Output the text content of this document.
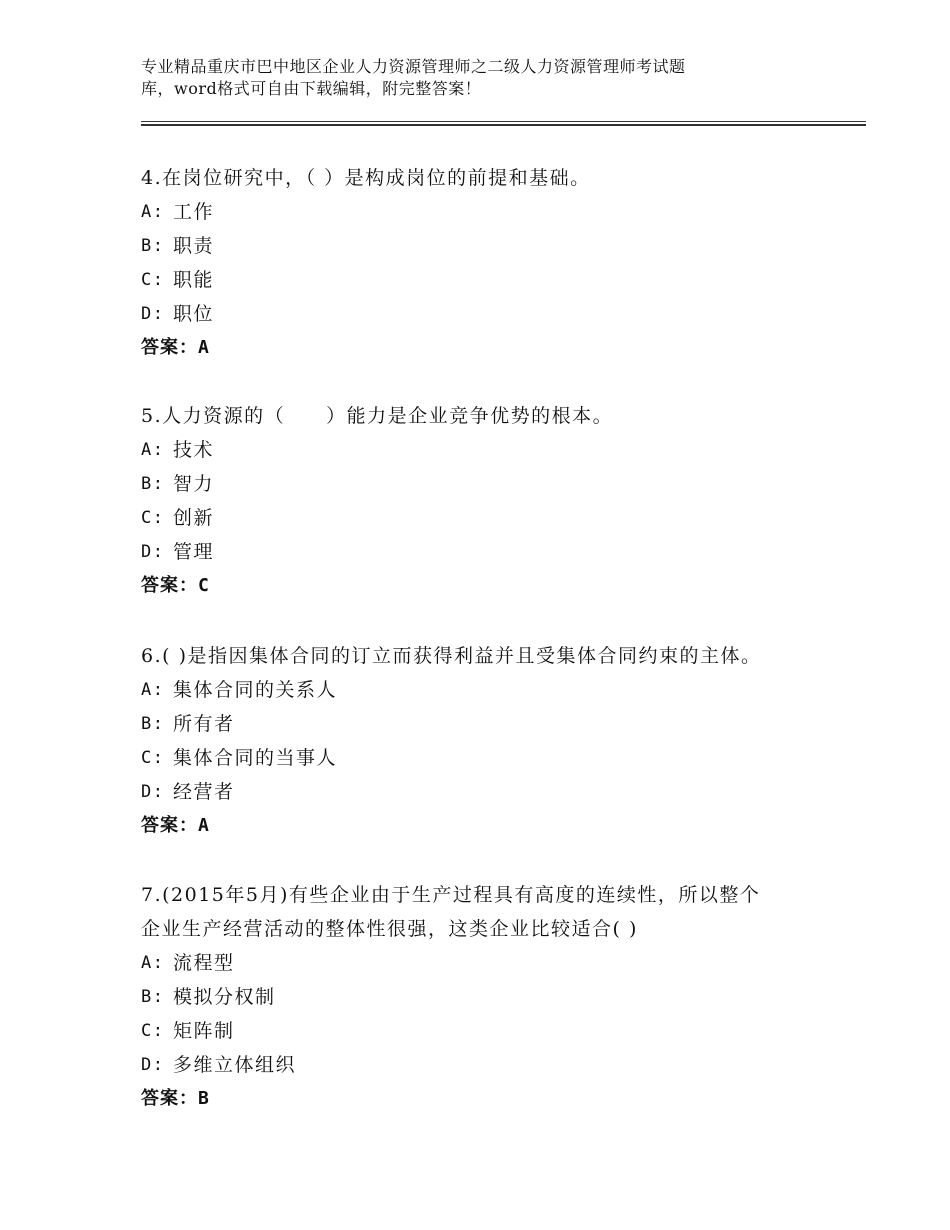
专业精品重庆市巴中地区企业人力资源管理师之二级人力资源管理师考试题
库，word格式可自由下载编辑，附完整答案！

4.在岗位研究中，（ ）是构成岗位的前提和基础。

A: 工作

B: 职责

C: 职能

D: 职位

答案：A

5.人力资源的（　　）能力是企业竞争优势的根本。

A: 技术

B: 智力

C: 创新

D: 管理

答案：C

6.( )是指因集体合同的订立而获得利益并且受集体合同约束的主体。

A: 集体合同的关系人

B: 所有者

C: 集体合同的当事人

D: 经营者

答案：A

7.(2015年5月)有些企业由于生产过程具有高度的连续性，所以整个

企业生产经营活动的整体性很强，这类企业比较适合( )

A: 流程型

B: 模拟分权制

C: 矩阵制

D: 多维立体组织

答案：B
